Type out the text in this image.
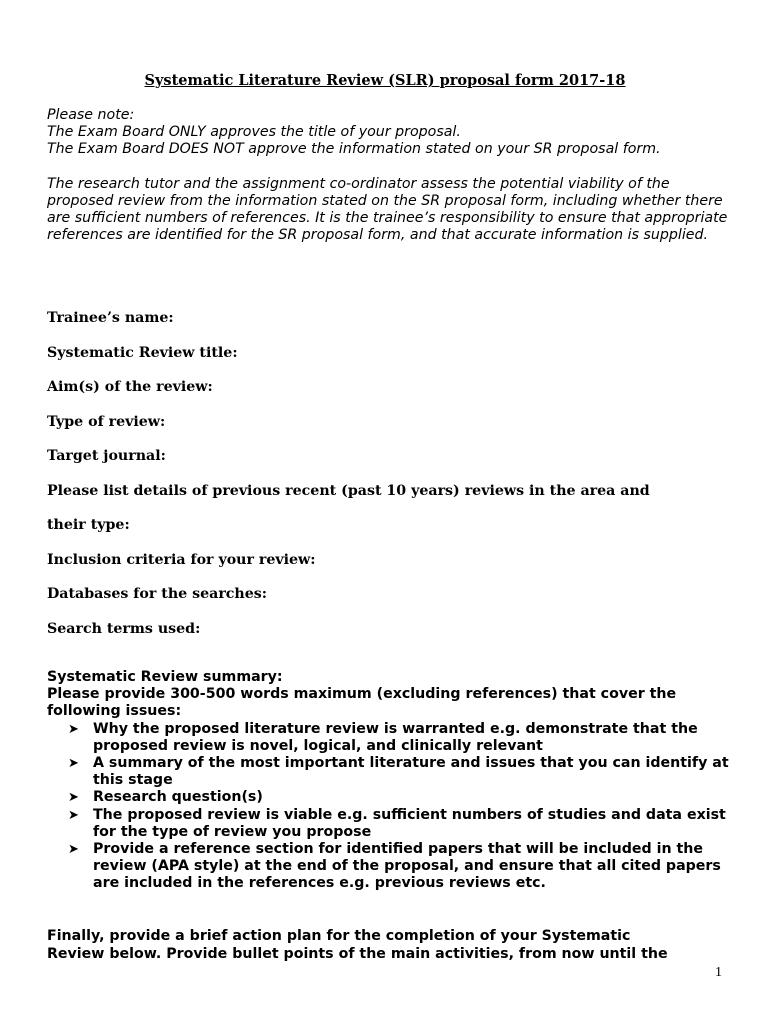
Systematic Literature Review (SLR) proposal form 2017-18

Please note:

The Exam Board ONLY approves the title of your proposal.

The Exam Board DOES NOT approve the information stated on your SR proposal form.

The research tutor and the assignment co-ordinator assess the potential viability of the proposed review from the information stated on the SR proposal form, including whether there are sufficient numbers of references. It is the trainee’s responsibility to ensure that appropriate references are identified for the SR proposal form, and that accurate information is supplied.

Trainee’s name:
Systematic Review title:
Aim(s) of the review:
Type of review:
Target journal:
Please list details of previous recent (past 10 years) reviews in the area and
their type:
Inclusion criteria for your review:
Databases for the searches:
Search terms used:

Systematic Review summary:

Please provide 300-500 words maximum (excluding references) that cover the following issues:

➤ Why the proposed literature review is warranted e.g. demonstrate that the proposed review is novel, logical, and clinically relevant
➤ A summary of the most important literature and issues that you can identify at this stage
➤ Research question(s)
➤ The proposed review is viable e.g. sufficient numbers of studies and data exist for the type of review you propose
➤ Provide a reference section for identified papers that will be included in the review (APA style) at the end of the proposal, and ensure that all cited papers are included in the references e.g. previous reviews etc.

Finally, provide a brief action plan for the completion of your Systematic

Review below. Provide bullet points of the main activities, from now until the

1
